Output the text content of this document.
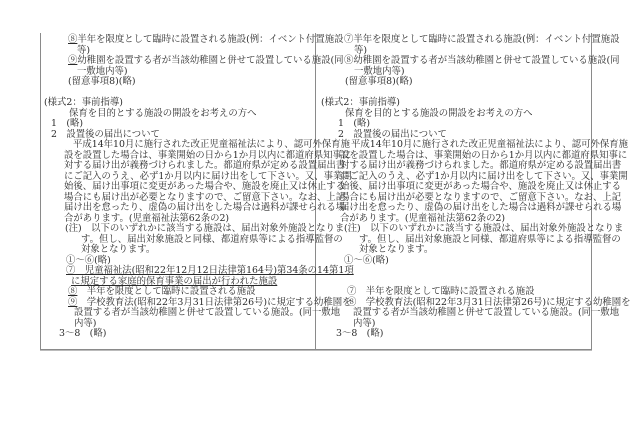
⑧半年を限度として臨時に設置される施設(例：イベント付置施設
等)
⑨幼稚園を設置する者が当該幼稚園と併せて設置している施設(同
一敷地内等)
(留意事項8)(略)
(様式2：事前指導)
保育を目的とする施設の開設をお考えの方へ
1　(略)
2　設置後の届出について
平成14年10月に施行された改正児童福祉法により、認可外保育施
設を設置した場合は、事業開始の日から1か月以内に都道府県知事に
対する届け出が義務づけられました。都道府県が定める設置届出書
にご記入のうえ、必ず1か月以内に届け出をして下さい。又、事業開
始後、届け出事項に変更があった場合や、施設を廃止又は休止する
場合にも届け出が必要となりますので、ご留意下さい。なお、上記
届け出を怠ったり、虚偽の届け出をした場合は過料が課せられる場
合があります。(児童福祉法第62条の2)
(注)　以下のいずれかに該当する施設は、届出対象外施設となりま
す。但し、届出対象施設と同様、都道府県等による指導監督の
対象となります。
①〜⑥(略)
⑦　児童福祉法(昭和22年12月12日法律第164号)第34条の14第1項
に規定する家庭的保育事業の届出が行われた施設
⑧　半年を限度として臨時に設置される施設
⑨　学校教育法(昭和22年3月31日法律第26号)に規定する幼稚園を
設置する者が当該幼稚園と併せて設置している施設。(同一敷地
内等)
3〜8　(略)
⑦半年を限度として臨時に設置される施設(例：イベント付置施設
等)
⑧幼稚園を設置する者が当該幼稚園と併せて設置している施設(同
一敷地内等)
(留意事項8)(略)
(様式2：事前指導)
保育を目的とする施設の開設をお考えの方へ
1　(略)
2　設置後の届出について
平成14年10月に施行された改正児童福祉法により、認可外保育施
設を設置した場合は、事業開始の日から1か月以内に都道府県知事に
対する届け出が義務づけられました。都道府県が定める設置届出書
にご記入のうえ、必ず1か月以内に届け出をして下さい。又、事業開
始後、届け出事項に変更があった場合や、施設を廃止又は休止する
場合にも届け出が必要となりますので、ご留意下さい。なお、上記
届け出を怠ったり、虚偽の届け出をした場合は過料が課せられる場
合があります。(児童福祉法第62条の2)
(注)　以下のいずれかに該当する施設は、届出対象外施設となりま
す。但し、届出対象施設と同様、都道府県等による指導監督の
対象となります。
①〜⑥(略)
⑦　半年を限度として臨時に設置される施設
⑧　学校教育法(昭和22年3月31日法律第26号)に規定する幼稚園を
設置する者が当該幼稚園と併せて設置している施設。(同一敷地
内等)
3〜8　(略)
